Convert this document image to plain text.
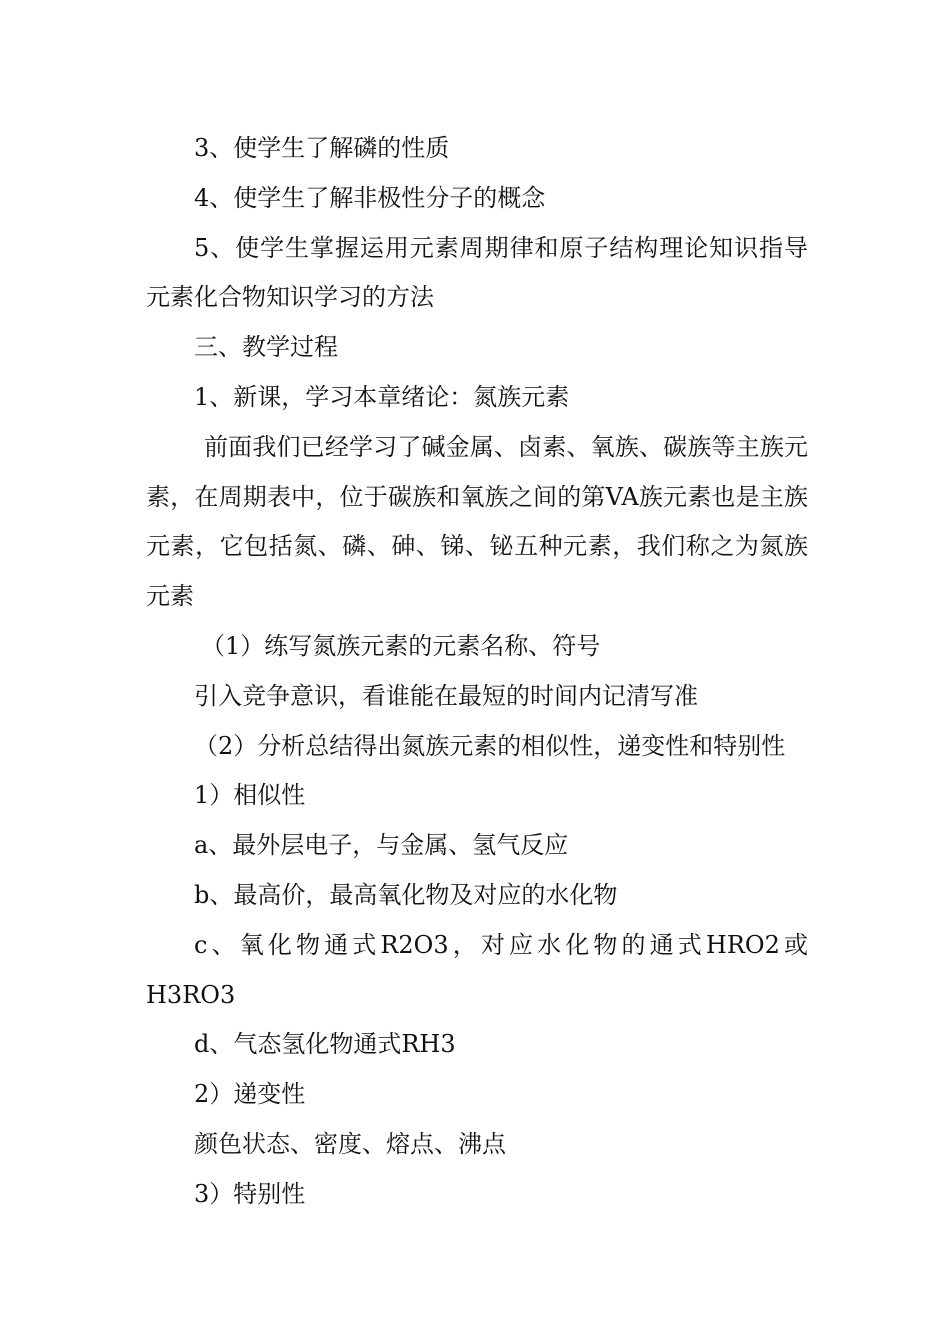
3、使学生了解磷的性质

4、使学生了解非极性分子的概念

5、使学生掌握运用元素周期律和原子结构理论知识指导元素化合物知识学习的方法

三、教学过程

1、新课，学习本章绪论：氮族元素

前面我们已经学习了碱金属、卤素、氧族、碳族等主族元素，在周期表中，位于碳族和氧族之间的第VA族元素也是主族元素，它包括氮、磷、砷、锑、铋五种元素，我们称之为氮族元素

（1）练写氮族元素的元素名称、符号

引入竞争意识，看谁能在最短的时间内记清写准

（2）分析总结得出氮族元素的相似性，递变性和特别性

1）相似性

a、最外层电子，与金属、氢气反应

b、最高价，最高氧化物及对应的水化物

c、氧化物通式R2O3，对应水化物的通式HRO2或H3RO3

d、气态氢化物通式RH3

2）递变性

颜色状态、密度、熔点、沸点

3）特别性
